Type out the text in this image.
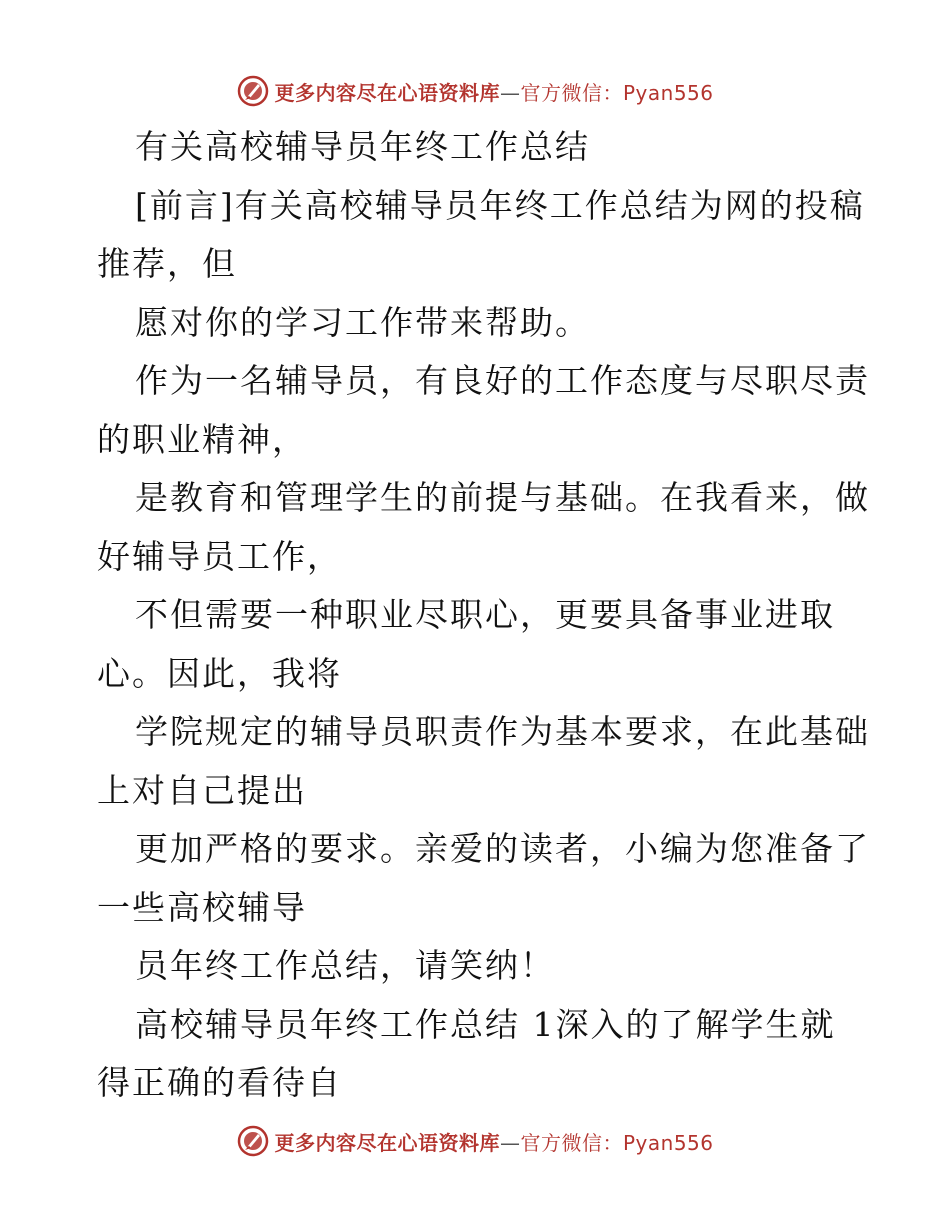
更多内容尽在心语资料库—官方微信：Pyan556
有关高校辅导员年终工作总结
[前言]有关高校辅导员年终工作总结为网的投稿
推荐，但
愿对你的学习工作带来帮助。
作为一名辅导员，有良好的工作态度与尽职尽责
的职业精神，
是教育和管理学生的前提与基础。在我看来，做
好辅导员工作，
不但需要一种职业尽职心，更要具备事业进取
心。因此，我将
学院规定的辅导员职责作为基本要求，在此基础
上对自己提出
更加严格的要求。亲爱的读者，小编为您准备了
一些高校辅导
员年终工作总结，请笑纳！
高校辅导员年终工作总结 1深入的了解学生就
得正确的看待自
更多内容尽在心语资料库—官方微信：Pyan556
